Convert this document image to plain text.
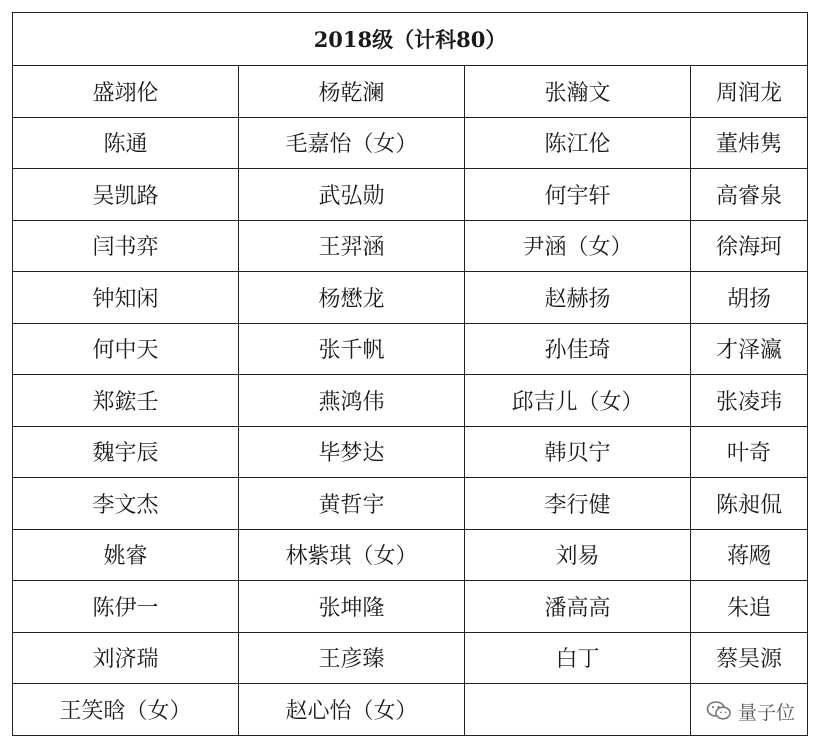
2018级（计科80）			
盛翊伦	杨乾澜	张瀚文	周润龙
陈通	毛嘉怡（女）	陈江伦	董炜隽
吴凯路	武弘勋	何宇轩	高睿泉
闫书弈	王羿涵	尹涵（女）	徐海珂
钟知闲	杨懋龙	赵赫扬	胡扬
何中天	张千帆	孙佳琦	才泽瀛
郑鋐壬	燕鸿伟	邱吉儿（女）	张凌玮
魏宇辰	毕梦达	韩贝宁	叶奇
李文杰	黄哲宇	李行健	陈昶侃
姚睿	林紫琪（女）	刘易	蒋飏
陈伊一	张坤隆	潘高高	朱追
刘济瑞	王彦臻	白丁	蔡昊源
王笑晗（女）	赵心怡（女）		量子位
